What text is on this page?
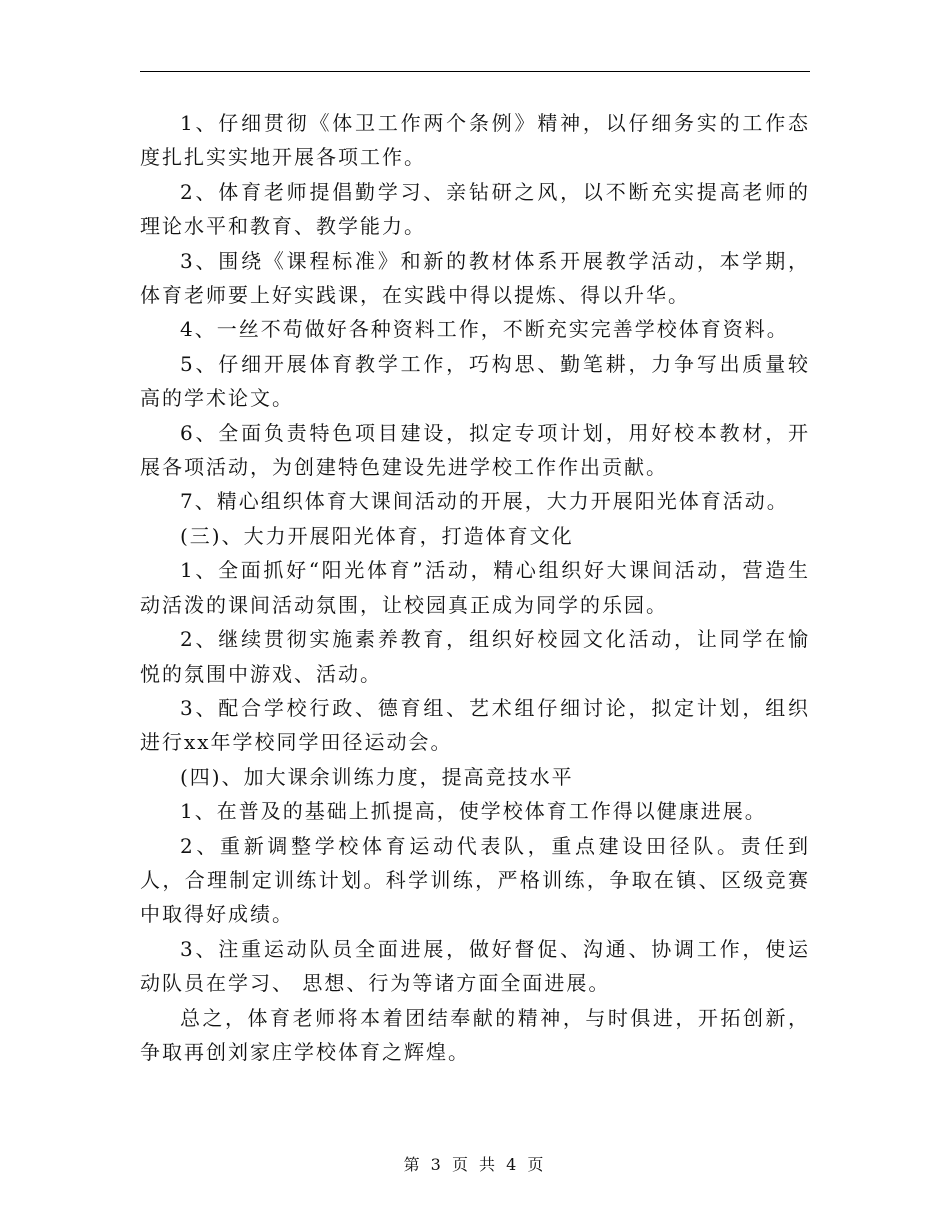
1、仔细贯彻《体卫工作两个条例》精神，以仔细务实的工作态度扎扎实实地开展各项工作。

2、体育老师提倡勤学习、亲钻研之风，以不断充实提高老师的理论水平和教育、教学能力。

3、围绕《课程标准》和新的教材体系开展教学活动，本学期，体育老师要上好实践课，在实践中得以提炼、得以升华。

4、一丝不苟做好各种资料工作，不断充实完善学校体育资料。

5、仔细开展体育教学工作，巧构思、勤笔耕，力争写出质量较高的学术论文。

6、全面负责特色项目建设，拟定专项计划，用好校本教材，开展各项活动，为创建特色建设先进学校工作作出贡献。

7、精心组织体育大课间活动的开展，大力开展阳光体育活动。

(三)、大力开展阳光体育，打造体育文化

1、全面抓好“阳光体育”活动，精心组织好大课间活动，营造生动活泼的课间活动氛围，让校园真正成为同学的乐园。

2、继续贯彻实施素养教育，组织好校园文化活动，让同学在愉悦的氛围中游戏、活动。

3、配合学校行政、德育组、艺术组仔细讨论，拟定计划，组织进行xx年学校同学田径运动会。

(四)、加大课余训练力度，提高竞技水平

1、在普及的基础上抓提高，使学校体育工作得以健康进展。

2、重新调整学校体育运动代表队，重点建设田径队。责任到人，合理制定训练计划。科学训练，严格训练，争取在镇、区级竞赛中取得好成绩。

3、注重运动队员全面进展，做好督促、沟通、协调工作，使运动队员在学习、 思想、行为等诸方面全面进展。

总之，体育老师将本着团结奉献的精神，与时俱进，开拓创新，争取再创刘家庄学校体育之辉煌。

第 3 页 共 4 页
